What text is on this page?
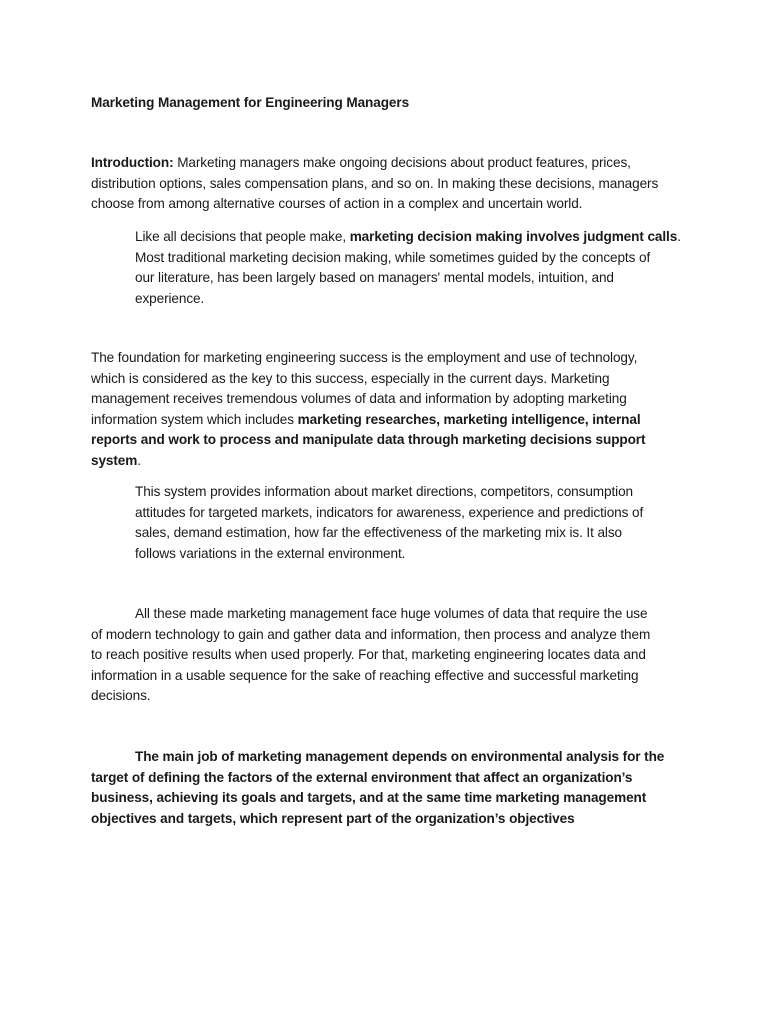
Marketing Management for Engineering Managers
Introduction: Marketing managers make ongoing decisions about product features, prices,
distribution options, sales compensation plans, and so on. In making these decisions, managers
choose from among alternative courses of action in a complex and uncertain world.
Like all decisions that people make, marketing decision making involves judgment calls.
Most traditional marketing decision making, while sometimes guided by the concepts of
our literature, has been largely based on managers' mental models, intuition, and
experience.
The foundation for marketing engineering success is the employment and use of technology,
which is considered as the key to this success, especially in the current days. Marketing
management receives tremendous volumes of data and information by adopting marketing
information system which includes marketing researches, marketing intelligence, internal
reports and work to process and manipulate data through marketing decisions support
system.
This system provides information about market directions, competitors, consumption
attitudes for targeted markets, indicators for awareness, experience and predictions of
sales, demand estimation, how far the effectiveness of the marketing mix is. It also
follows variations in the external environment.
All these made marketing management face huge volumes of data that require the use
of modern technology to gain and gather data and information, then process and analyze them
to reach positive results when used properly. For that, marketing engineering locates data and
information in a usable sequence for the sake of reaching effective and successful marketing
decisions.
The main job of marketing management depends on environmental analysis for the
target of defining the factors of the external environment that affect an organization’s
business, achieving its goals and targets, and at the same time marketing management
objectives and targets, which represent part of the organization’s objectives
